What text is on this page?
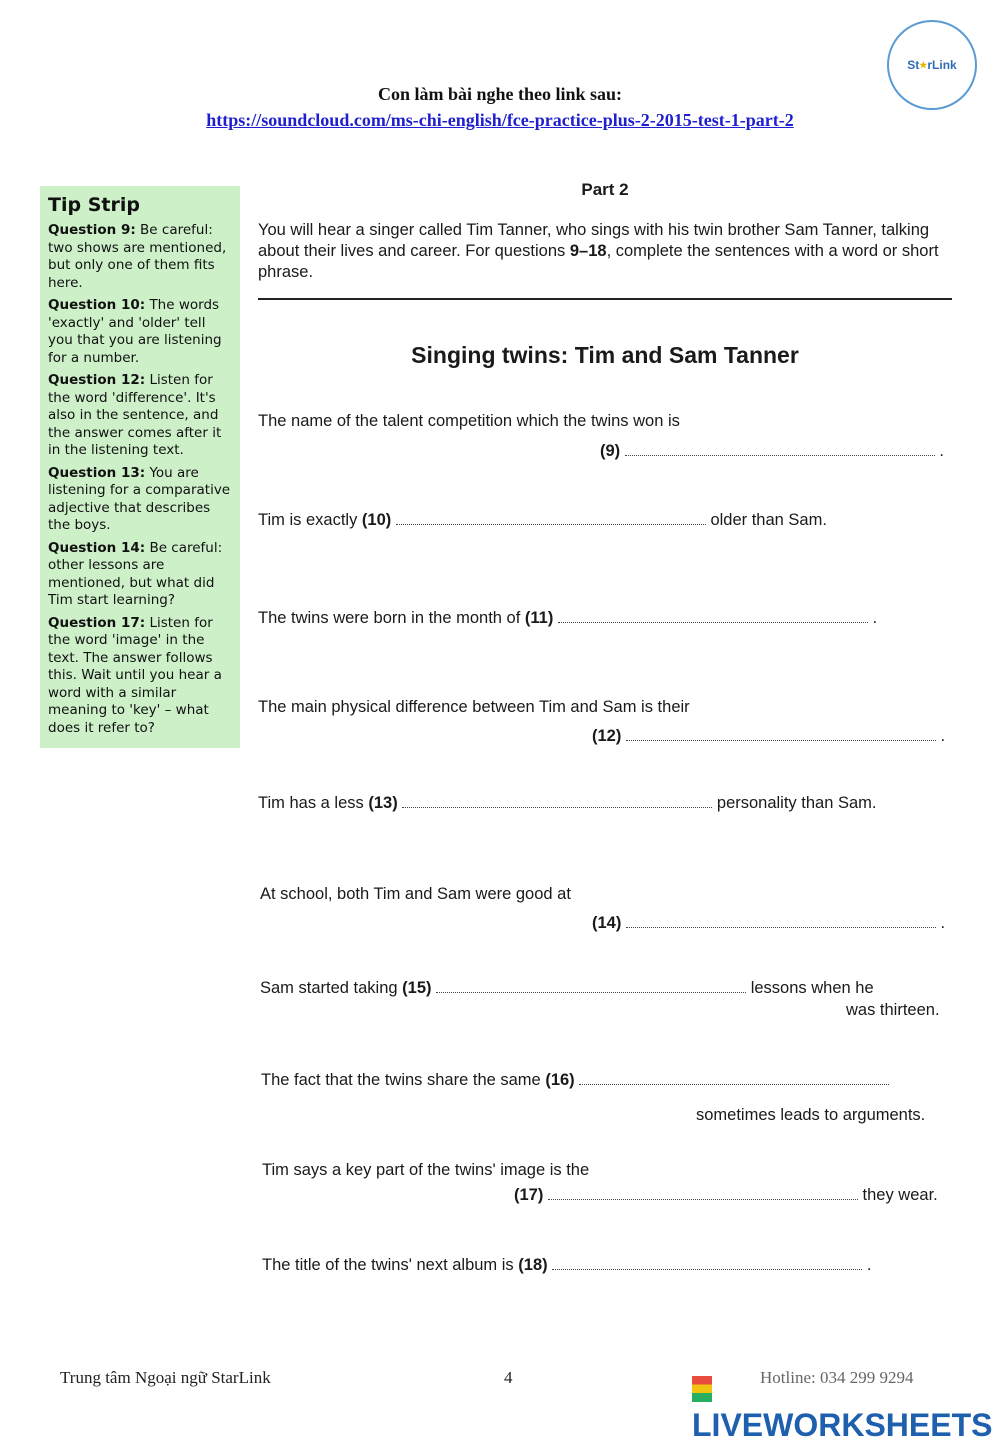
Con làm bài nghe theo link sau:
https://soundcloud.com/ms-chi-english/fce-practice-plus-2-2015-test-1-part-2
St ★ rLink
Tip Strip

Question 9: Be careful: two shows are mentioned, but only one of them fits here.

Question 10: The words 'exactly' and 'older' tell you that you are listening for a number.

Question 12: Listen for the word 'difference'. It's also in the sentence, and the answer comes after it in the listening text.

Question 13: You are listening for a comparative adjective that describes the boys.

Question 14: Be careful: other lessons are mentioned, but what did Tim start learning?

Question 17: Listen for the word 'image' in the text. The answer follows this. Wait until you hear a word with a similar meaning to 'key' – what does it refer to?

Part 2
You will hear a singer called Tim Tanner, who sings with his twin brother Sam Tanner, talking about their lives and career. For questions 9–18, complete the sentences with a word or short phrase.
Singing twins: Tim and Sam Tanner
The name of the talent competition which the twins won is
(9)	.
Tim is exactly (10)	older than Sam.
The twins were born in the month of (11)	.
The main physical difference between Tim and Sam is their
(12)	.
Tim has a less (13)	personality than Sam.
At school, both Tim and Sam were good at
(14)	.
Sam started taking (15)	lessons when he
was thirteen.
The fact that the twins share the same (16)
sometimes leads to arguments.
Tim says a key part of the twins' image is the
(17)	they wear.
The title of the twins' next album is (18)	.
Trung tâm Ngoại ngữ StarLink	4	Hotline: 034 299 9294
LIVEWORKSHEETS
